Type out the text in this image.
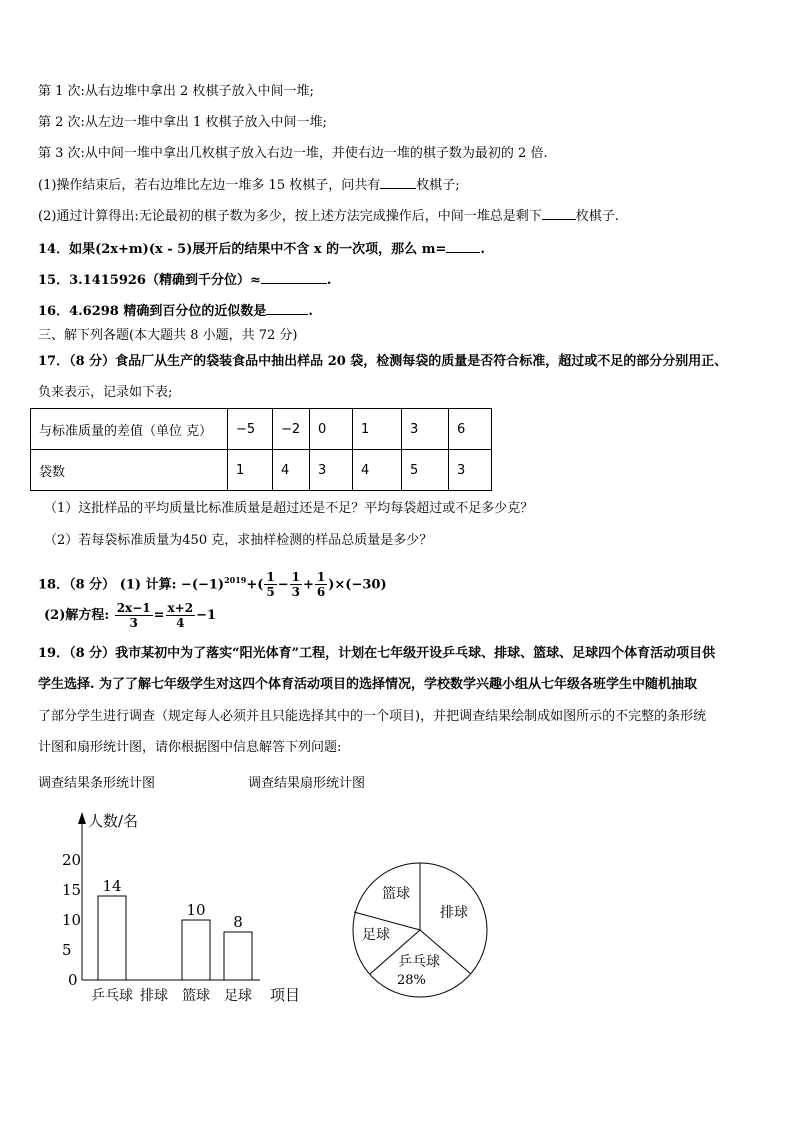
第 1 次:从右边堆中拿出 2 枚棋子放入中间一堆;
第 2 次:从左边一堆中拿出 1 枚棋子放入中间一堆;
第 3 次:从中间一堆中拿出几枚棋子放入右边一堆，并使右边一堆的棋子数为最初的 2 倍.
(1)操作结束后，若右边堆比左边一堆多 15 枚棋子，问共有	枚棋子;
(2)通过计算得出:无论最初的棋子数为多少，按上述方法完成操作后，中间一堆总是剩下	枚棋子.
14．如果(2x+m)(x - 5)展开后的结果中不含 x 的一次项，那么 m=	.
15．3.1415926（精确到千分位）≈	.
16．4.6298 精确到百分位的近似数是	.
三、解下列各题(本大题共 8 小题，共 72 分)
17．（8 分）食品厂从生产的袋装食品中抽出样品 20 袋，检测每袋的质量是否符合标准，超过或不足的部分分别用正、
负来表示，记录如下表;
与标准质量的差值（单位 克）	−5	−2	0	1	3	6
袋数	1	4	3	4	5	3
（1）这批样品的平均质量比标准质量是超过还是不足？平均每袋超过或不足多少克？
（2）若每袋标准质量为450 克，求抽样检测的样品总质量是多少？
18．（8 分） (1) 计算: $-(-1)^{2019}+( \frac{1}{5} - \frac{1}{3} + \frac{1}{6} )\times(-30)$
(2)解方程: $\frac{2x-1}{3} = \frac{x+2}{4} -1$
19．（8 分）我市某初中为了落实“阳光体育”工程，计划在七年级开设乒乓球、排球、篮球、足球四个体育活动项目供
学生选择. 为了了解七年级学生对这四个体育活动项目的选择情况，学校数学兴趣小组从七年级各班学生中随机抽取
了部分学生进行调查（规定每人必须并且只能选择其中的一个项目)，并把调查结果绘制成如图所示的不完整的条形统
计图和扇形统计图，请你根据图中信息解答下列问题:
调查结果条形统计图	调查结果扇形统计图
人数/名
项目
0
5
10
15
20
14
10
8
乒乓球 排球 篮球 足球
篮球
排球
足球
乒乓球
28%
